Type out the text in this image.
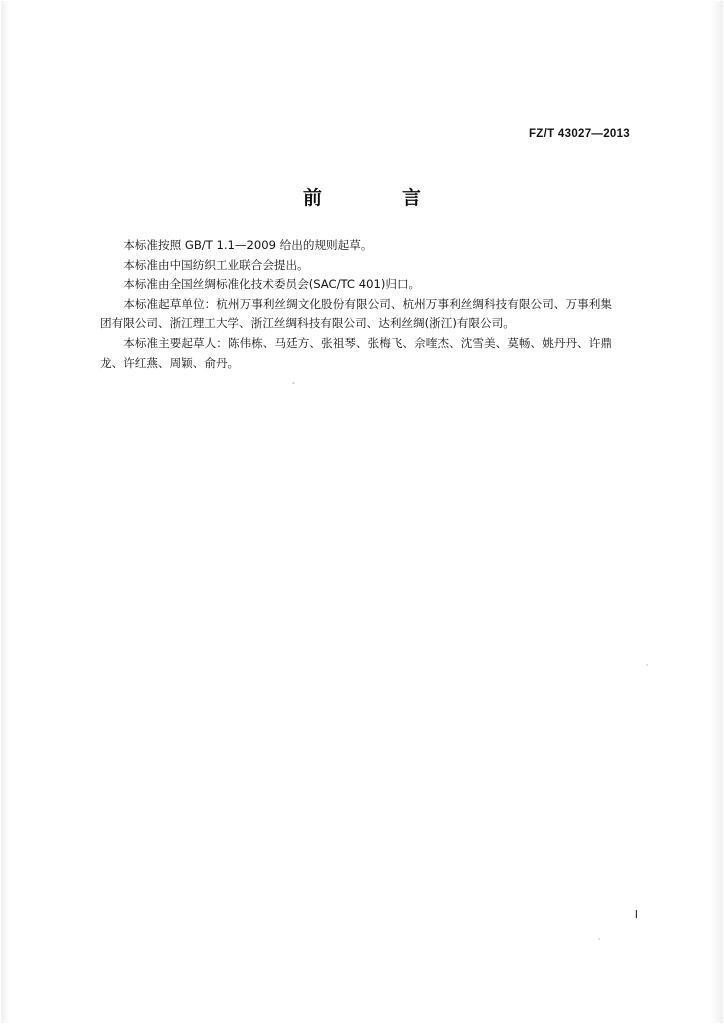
FZ/T 43027—2013
前　　言

本标准按照 GB/T 1.1—2009 给出的规则起草。

本标准由中国纺织工业联合会提出。

本标准由全国丝绸标准化技术委员会(SAC/TC 401)归口。

本标准起草单位：杭州万事利丝绸文化股份有限公司、杭州万事利丝绸科技有限公司、万事利集团有限公司、浙江理工大学、浙江丝绸科技有限公司、达利丝绸(浙江)有限公司。

本标准主要起草人：陈伟栋、马廷方、张祖琴、张梅飞、佘喹杰、沈雪美、莫畅、姚丹丹、许鼎龙、许红燕、周颖、俞丹。

Ⅰ
